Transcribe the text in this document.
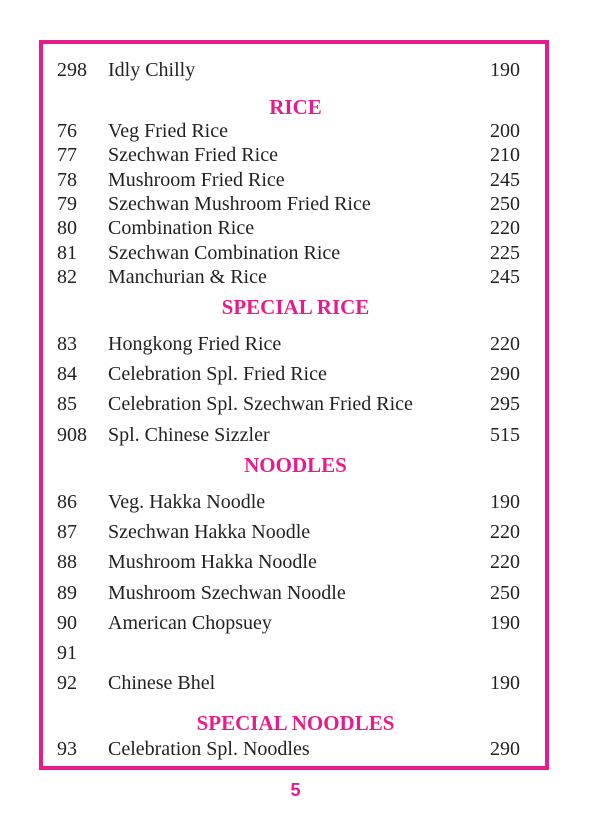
298 Idly Chilly	190
RICE
76 Veg Fried Rice	200
77 Szechwan Fried Rice	210
78 Mushroom Fried Rice	245
79 Szechwan Mushroom Fried Rice	250
80 Combination Rice	220
81 Szechwan Combination Rice	225
82 Manchurian & Rice	245
SPECIAL RICE
83 Hongkong Fried Rice	220
84 Celebration Spl. Fried Rice	290
85 Celebration Spl. Szechwan Fried Rice	295
908 Spl. Chinese Sizzler	515
NOODLES
86 Veg. Hakka Noodle	190
87 Szechwan Hakka Noodle	220
88 Mushroom Hakka Noodle	220
89 Mushroom Szechwan Noodle	250
90 American Chopsuey	190
91
92 Chinese Bhel	190
SPECIAL NOODLES
93 Celebration Spl. Noodles	290
5
